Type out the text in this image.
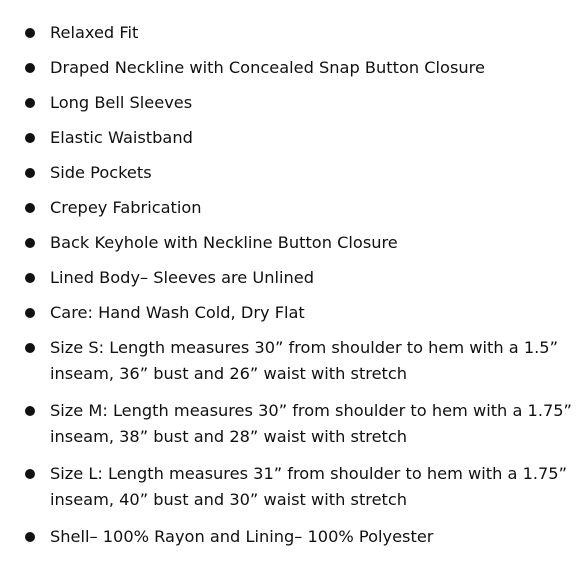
Relaxed Fit
Draped Neckline with Concealed Snap Button Closure
Long Bell Sleeves
Elastic Waistband
Side Pockets
Crepey Fabrication
Back Keyhole with Neckline Button Closure
Lined Body– Sleeves are Unlined
Care: Hand Wash Cold, Dry Flat
Size S: Length measures 30” from shoulder to hem with a 1.5” inseam, 36” bust and 26” waist with stretch
Size M: Length measures 30” from shoulder to hem with a 1.75” inseam, 38” bust and 28” waist with stretch
Size L: Length measures 31” from shoulder to hem with a 1.75” inseam, 40” bust and 30” waist with stretch
Shell– 100% Rayon and Lining– 100% Polyester
